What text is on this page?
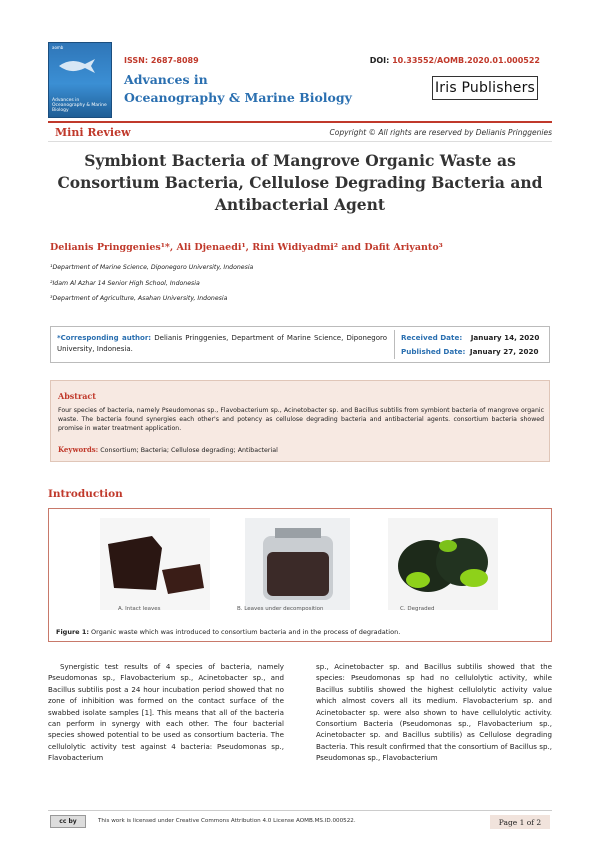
aomb
Advances in Oceanography & Marine Biology
ISSN: 2687-8089
Advances in
Oceanography & Marine Biology
DOI: 10.33552/AOMB.2020.01.000522
Iris Publishers
Mini Review	Copyright © All rights are reserved by Delianis Pringgenies
Symbiont Bacteria of Mangrove Organic Waste as Consortium Bacteria, Cellulose Degrading Bacteria and Antibacterial Agent
Delianis Pringgenies¹*, Ali Djenaedi¹, Rini Widiyadmi² and Dafit Ariyanto³
¹Department of Marine Science, Diponegoro University, Indonesia
²Idam Al Azhar 14 Senior High School, Indonesia
³Department of Agriculture, Asahan University, Indonesia
*Corresponding author: Delianis Pringgenies, Department of Marine Science, Diponegoro University, Indonesia.
Received Date: January 14, 2020
Published Date: January 27, 2020
Abstract
Four species of bacteria, namely Pseudomonas sp., Flavobacterium sp., Acinetobacter sp. and Bacillus subtilis from symbiont bacteria of mangrove organic waste. The bacteria found synergies each other's and potency as cellulose degrading bacteria and antibacterial agents. consortium bacteria showed promise in water treatment application.
Keywords: Consortium; Bacteria; Cellulose degrading; Antibacterial
Introduction
A. Intact leaves	B. Leaves under decomposition	C. Degraded
Figure 1: Organic waste which was introduced to consortium bacteria and in the process of degradation.
Synergistic test results of 4 species of bacteria, namely Pseudomonas sp., Flavobacterium sp., Acinetobacter sp., and Bacillus subtilis post a 24 hour incubation period showed that no zone of inhibition was formed on the contact surface of the swabbed isolate samples [1]. This means that all of the bacteria can perform in synergy with each other. The four bacterial species showed potential to be used as consortium bacteria. The cellulolytic activity test against 4 bacteria: Pseudomonas sp., Flavobacterium
sp., Acinetobacter sp. and Bacillus subtilis showed that the species: Pseudomonas sp had no cellulolytic activity, while Bacillus subtilis showed the highest cellulolytic activity value which almost covers all its medium. Flavobacterium sp. and Acinetobacter sp. were also shown to have cellulolytic activity. Consortium Bacteria (Pseudomonas sp., Flavobacterium sp., Acinetobacter sp. and Bacillus subtilis) as Cellulose degrading Bacteria. This result confirmed that the consortium of Bacillus sp., Pseudomonas sp., Flavobacterium
cc by	This work is licensed under Creative Commons Attribution 4.0 License AOMB.MS.ID.000522.	Page 1 of 2
